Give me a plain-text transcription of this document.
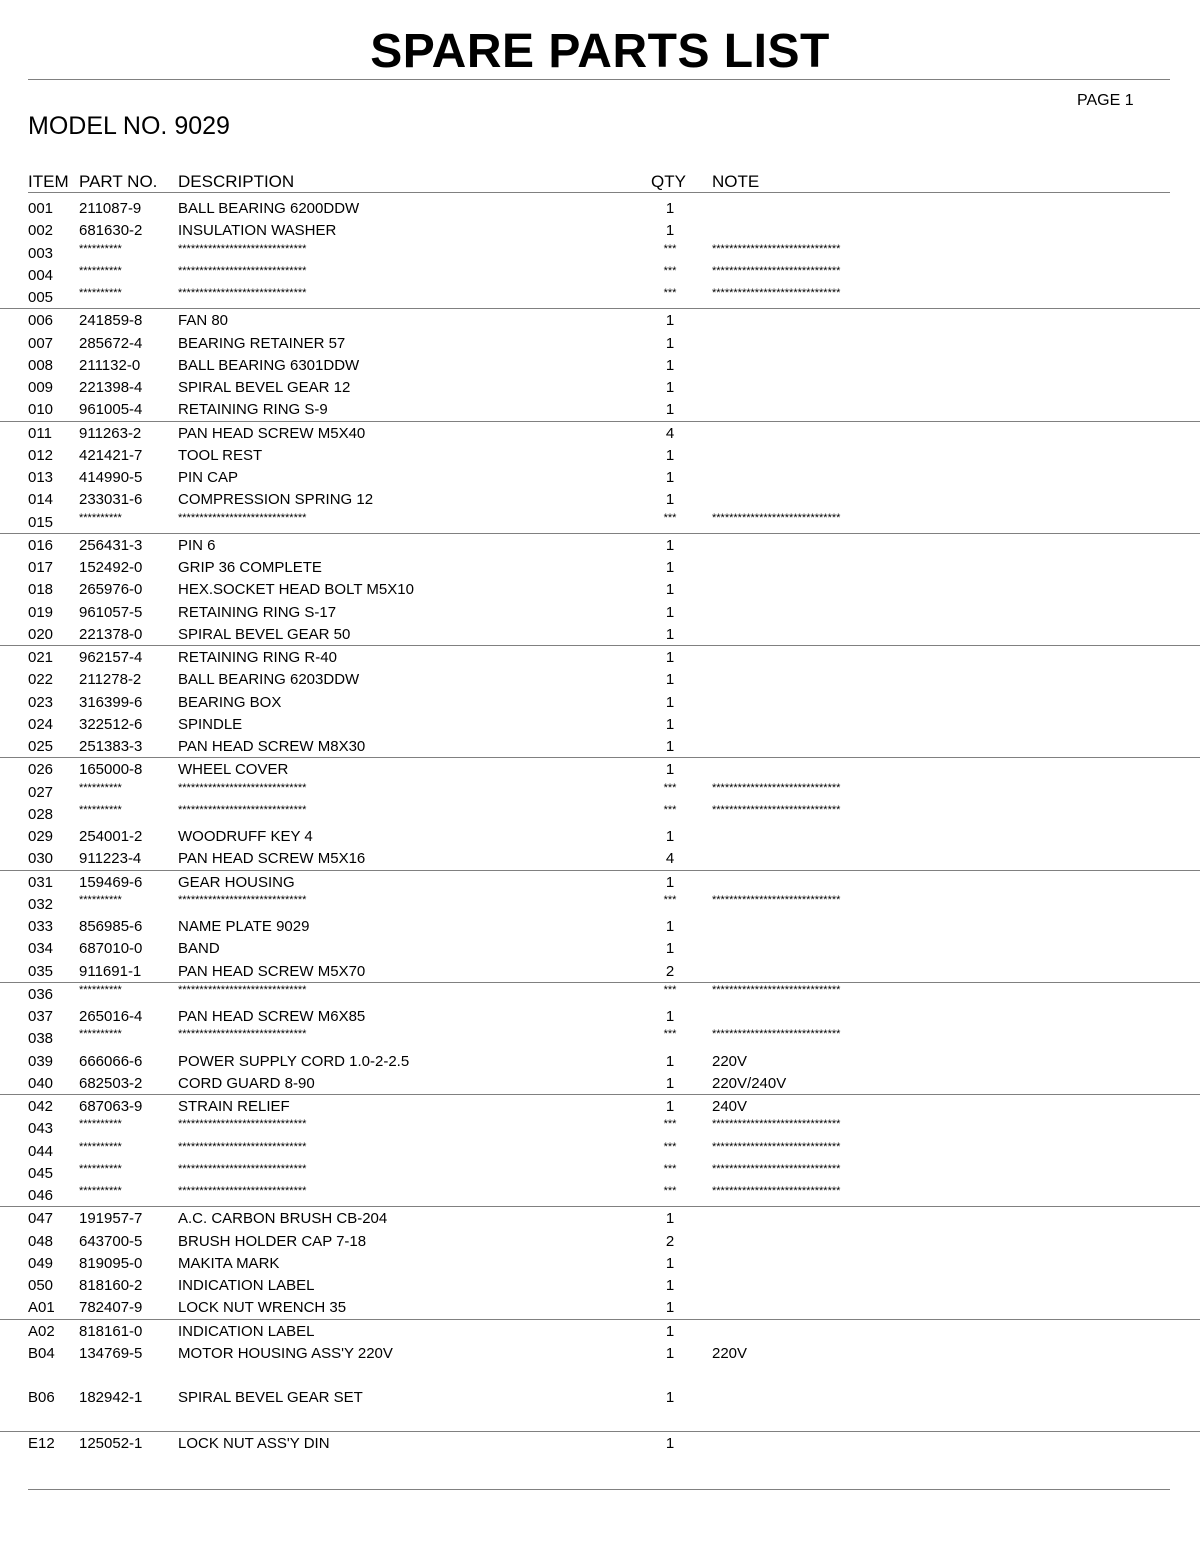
SPARE PARTS LIST
PAGE 1
MODEL NO. 9029
ITEM PART NO. DESCRIPTION	QTY NOTE
001 211087-9 BALL BEARING 6200DDW	1
002 681630-2 INSULATION WASHER	1
003 **********	******************************	***	******************************
004 **********	******************************	***	******************************
005 **********	******************************	***	******************************
006 241859-8 FAN 80	1
007 285672-4 BEARING RETAINER 57	1
008 211132-0	BALL BEARING 6301DDW	1
009 221398-4 SPIRAL BEVEL GEAR 12	1
010 961005-4 RETAINING RING S-9	1
011 911263-2 PAN HEAD SCREW M5X40	4
012 421421-7 TOOL REST	1
013 414990-5 PIN CAP	1
014 233031-6 COMPRESSION SPRING 12	1
015 **********	******************************	***	******************************
016 256431-3 PIN 6	1
017 152492-0 GRIP 36 COMPLETE	1
018 265976-0 HEX.SOCKET HEAD BOLT M5X10	1
019 961057-5 RETAINING RING S-17	1
020 221378-0 SPIRAL BEVEL GEAR 50	1
021 962157-4 RETAINING RING R-40	1
022 211278-2 BALL BEARING 6203DDW	1
023 316399-6 BEARING BOX	1
024 322512-6 SPINDLE	1
025 251383-3 PAN HEAD SCREW M8X30	1
026 165000-8 WHEEL COVER	1
027 **********	******************************	***	******************************
028 **********	******************************	***	******************************
029 254001-2 WOODRUFF KEY 4	1
030 911223-4 PAN HEAD SCREW M5X16	4
031 159469-6 GEAR HOUSING	1
032 **********	******************************	***	******************************
033 856985-6 NAME PLATE 9029	1
034 687010-0 BAND	1
035 911691-1 PAN HEAD SCREW M5X70	2
036 **********	******************************	***	******************************
037 265016-4 PAN HEAD SCREW M6X85	1
038 **********	******************************	***	******************************
039 666066-6 POWER SUPPLY CORD 1.0-2-2.5	1	220V
040 682503-2 CORD GUARD 8-90	1	220V/240V
042 687063-9 STRAIN RELIEF	1	240V
043 **********	******************************	***	******************************
044 **********	******************************	***	******************************
045 **********	******************************	***	******************************
046 **********	******************************	***	******************************
047 191957-7 A.C. CARBON BRUSH CB-204	1
048 643700-5 BRUSH HOLDER CAP 7-18	2
049 819095-0 MAKITA MARK	1
050 818160-2 INDICATION LABEL	1
A01 782407-9 LOCK NUT WRENCH 35	1
A02 818161-0 INDICATION LABEL	1
B04 134769-5 MOTOR HOUSING ASS'Y 220V	1	220V
B06 182942-1 SPIRAL BEVEL GEAR SET	1
E12 125052-1 LOCK NUT ASS'Y DIN	1
